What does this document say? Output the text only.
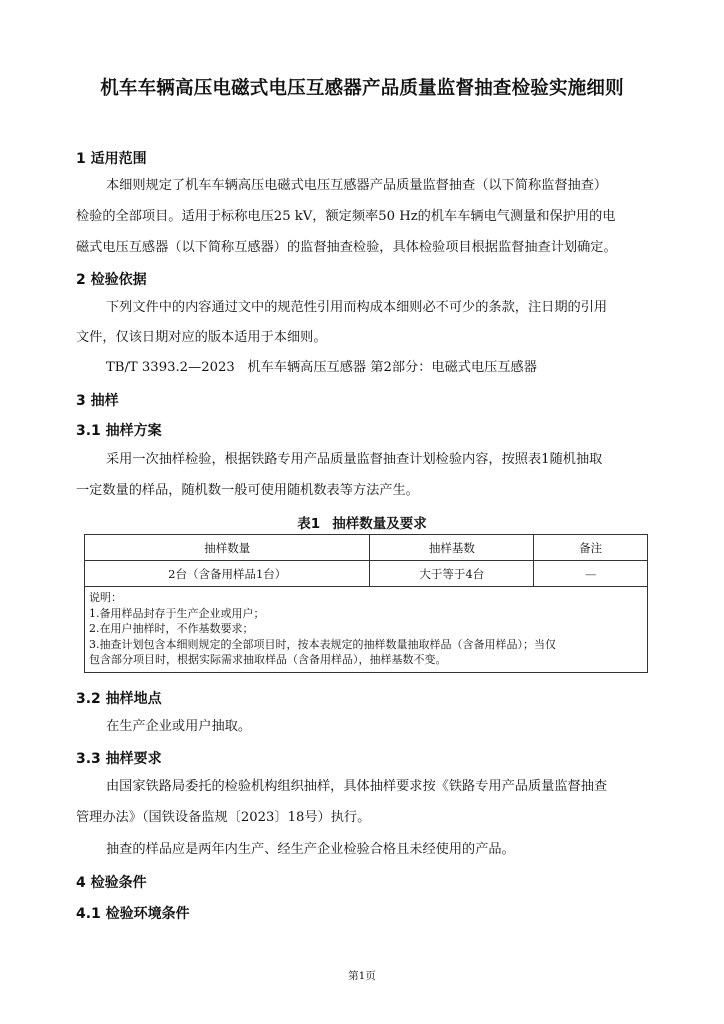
机车车辆高压电磁式电压互感器产品质量监督抽查检验实施细则
1 适用范围
本细则规定了机车车辆高压电磁式电压互感器产品质量监督抽查（以下简称监督抽查）
检验的全部项目。适用于标称电压25 kV，额定频率50 Hz的机车车辆电气测量和保护用的电
磁式电压互感器（以下简称互感器）的监督抽查检验，具体检验项目根据监督抽查计划确定。
2 检验依据
下列文件中的内容通过文中的规范性引用而构成本细则必不可少的条款，注日期的引用
文件，仅该日期对应的版本适用于本细则。
TB/T 3393.2—2023   机车车辆高压互感器 第2部分：电磁式电压互感器
3 抽样
3.1 抽样方案
采用一次抽样检验，根据铁路专用产品质量监督抽查计划检验内容，按照表1随机抽取
一定数量的样品，随机数一般可使用随机数表等方法产生。
表1 抽样数量及要求
抽样数量	抽样基数	备注
2台（含备用样品1台）	大于等于4台	—

说明：
1.备用样品封存于生产企业或用户；
2.在用户抽样时，不作基数要求；
3.抽查计划包含本细则规定的全部项目时，按本表规定的抽样数量抽取样品（含备用样品）；当仅
包含部分项目时，根据实际需求抽取样品（含备用样品），抽样基数不变。		
3.2 抽样地点
在生产企业或用户抽取。
3.3 抽样要求
由国家铁路局委托的检验机构组织抽样，具体抽样要求按《铁路专用产品质量监督抽查
管理办法》（国铁设备监规〔2023〕18号）执行。
抽查的样品应是两年内生产、经生产企业检验合格且未经使用的产品。
4 检验条件
4.1 检验环境条件
第1页
